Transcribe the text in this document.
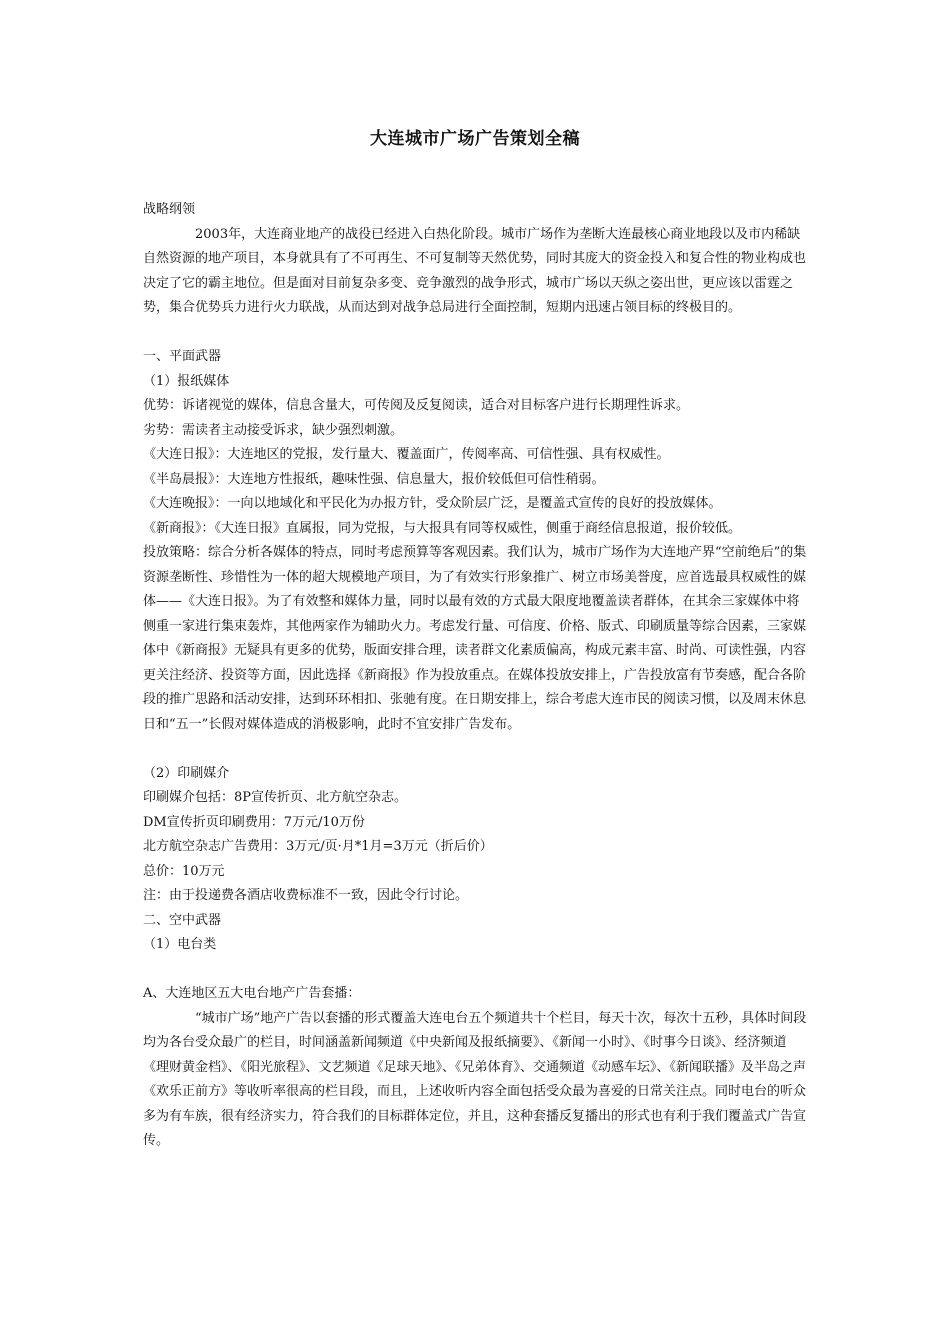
大连城市广场广告策划全稿

战略纲领

2003年，大连商业地产的战役已经进入白热化阶段。城市广场作为垄断大连最核心商业地段以及市内稀缺自然资源的地产项目，本身就具有了不可再生、不可复制等天然优势，同时其庞大的资金投入和复合性的物业构成也决定了它的霸主地位。但是面对目前复杂多变、竞争激烈的战争形式，城市广场以天纵之姿出世，更应该以雷霆之势，集合优势兵力进行火力联战，从而达到对战争总局进行全面控制，短期内迅速占领目标的终极目的。

一、平面武器

（1）报纸媒体

优势：诉诸视觉的媒体，信息含量大，可传阅及反复阅读，适合对目标客户进行长期理性诉求。

劣势：需读者主动接受诉求，缺少强烈刺激。

《大连日报》：大连地区的党报，发行量大、覆盖面广，传阅率高、可信性强、具有权威性。

《半岛晨报》：大连地方性报纸，趣味性强、信息量大，报价较低但可信性稍弱。

《大连晚报》：一向以地域化和平民化为办报方针，受众阶层广泛，是覆盖式宣传的良好的投放媒体。

《新商报》：《大连日报》直属报，同为党报，与大报具有同等权威性，侧重于商经信息报道，报价较低。

投放策略：综合分析各媒体的特点，同时考虑预算等客观因素。我们认为，城市广场作为大连地产界“空前绝后”的集资源垄断性、珍惜性为一体的超大规模地产项目，为了有效实行形象推广、树立市场美誉度，应首选最具权威性的媒体——《大连日报》。为了有效整和媒体力量，同时以最有效的方式最大限度地覆盖读者群体，在其余三家媒体中将侧重一家进行集束轰炸，其他两家作为辅助火力。考虑发行量、可信度、价格、版式、印刷质量等综合因素，三家媒体中《新商报》无疑具有更多的优势，版面安排合理，读者群文化素质偏高，构成元素丰富、时尚、可读性强，内容更关注经济、投资等方面，因此选择《新商报》作为投放重点。在媒体投放安排上，广告投放富有节奏感，配合各阶段的推广思路和活动安排，达到环环相扣、张驰有度。在日期安排上，综合考虑大连市民的阅读习惯，以及周末休息日和“五一”长假对媒体造成的消极影响，此时不宜安排广告发布。

（2）印刷媒介

印刷媒介包括：8P宣传折页、北方航空杂志。

DM宣传折页印刷费用：7万元/10万份

北方航空杂志广告费用：3万元/页·月*1月=3万元（折后价）

总价：10万元

注：由于投递费各酒店收费标准不一致，因此令行讨论。

二、空中武器

（1）电台类

A、大连地区五大电台地产广告套播：

“城市广场”地产广告以套播的形式覆盖大连电台五个频道共十个栏目，每天十次，每次十五秒，具体时间段均为各台受众最广的栏目，时间涵盖新闻频道《中央新闻及报纸摘要》、《新闻一小时》、《时事今日谈》、经济频道《理财黄金档》、《阳光旅程》、文艺频道《足球天地》、《兄弟体育》、交通频道《动感车坛》、《新闻联播》及半岛之声《欢乐正前方》等收听率很高的栏目段，而且，上述收听内容全面包括受众最为喜爱的日常关注点。同时电台的听众多为有车族，很有经济实力，符合我们的目标群体定位，并且，这种套播反复播出的形式也有利于我们覆盖式广告宣传。
